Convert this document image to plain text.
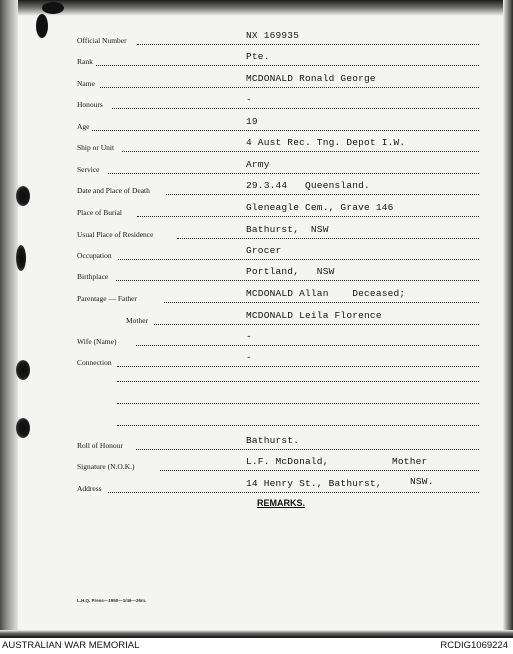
Official Number	NX 169935
Rank	Pte.
Name	MCDONALD Ronald George
Honours	-
Age	19
Ship or Unit	4 Aust Rec. Tng. Depot I.W.
Service	Army
Date and Place of Death	29.3.44   Queensland.
Place of Burial	Gleneagle Cem., Grave 146
Usual Place of Residence	Bathurst,  NSW
Occupation	Grocer
Birthplace	Portland,   NSW
Parentage — Father	MCDONALD Allan    Deceased;
Mother	MCDONALD Leila Florence
Wife (Name)	-
Connection	-
Roll of Honour	Bathurst.
Signature (N.O.K.)	L.F. McDonald,	Mother
Address	14 Henry St., Bathurst,	NSW.
REMARKS.
L.H.Q. Press—1950—1/46—26m.
AUSTRALIAN WAR MEMORIAL	RCDIG1069224
